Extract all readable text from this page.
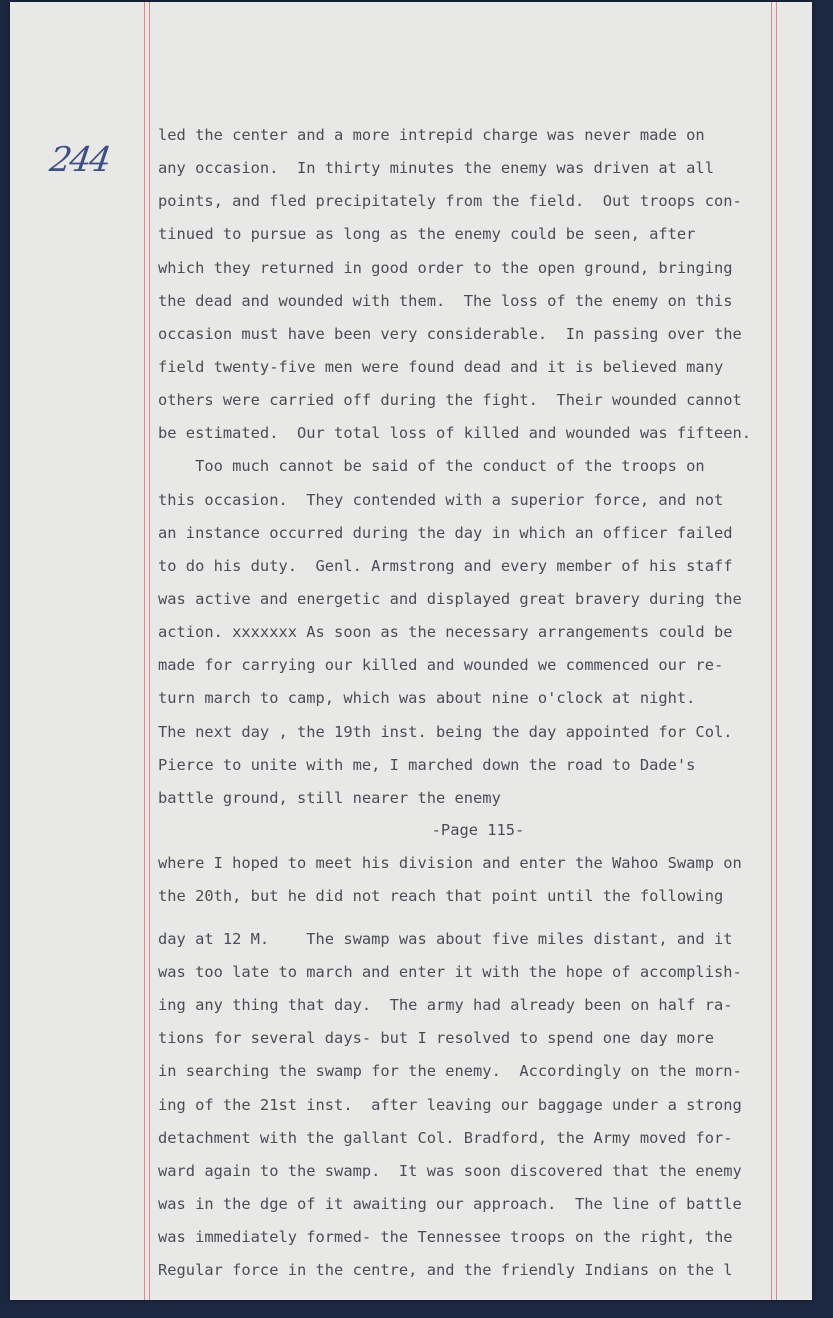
244
led the center and a more intrepid charge was never made on
any occasion.  In thirty minutes the enemy was driven at all
points, and fled precipitately from the field.  Out troops con-
tinued to pursue as long as the enemy could be seen, after
which they returned in good order to the open ground, bringing
the dead and wounded with them.  The loss of the enemy on this
occasion must have been very considerable.  In passing over the
field twenty-five men were found dead and it is believed many
others were carried off during the fight.  Their wounded cannot
be estimated.  Our total loss of killed and wounded was fifteen.
Too much cannot be said of the conduct of the troops on
this occasion.  They contended with a superior force, and not
an instance occurred during the day in which an officer failed
to do his duty.  Genl. Armstrong and every member of his staff
was active and energetic and displayed great bravery during the
action. xxxxxxx As soon as the necessary arrangements could be
made for carrying our killed and wounded we commenced our re-
turn march to camp, which was about nine o'clock at night.
The next day , the 19th inst. being the day appointed for Col.
Pierce to unite with me, I marched down the road to Dade's
battle ground, still nearer the enemy
-Page 115-
where I hoped to meet his division and enter the Wahoo Swamp on
the 20th, but he did not reach that point until the following
day at 12 M.    The swamp was about five miles distant, and it
was too late to march and enter it with the hope of accomplish-
ing any thing that day.  The army had already been on half ra-
tions for several days- but I resolved to spend one day more
in searching the swamp for the enemy.  Accordingly on the morn-
ing of the 21st inst.  after leaving our baggage under a strong
detachment with the gallant Col. Bradford, the Army moved for-
ward again to the swamp.  It was soon discovered that the enemy
was in the dge of it awaiting our approach.  The line of battle
was immediately formed- the Tennessee troops on the right, the
Regular force in the centre, and the friendly Indians on the l
